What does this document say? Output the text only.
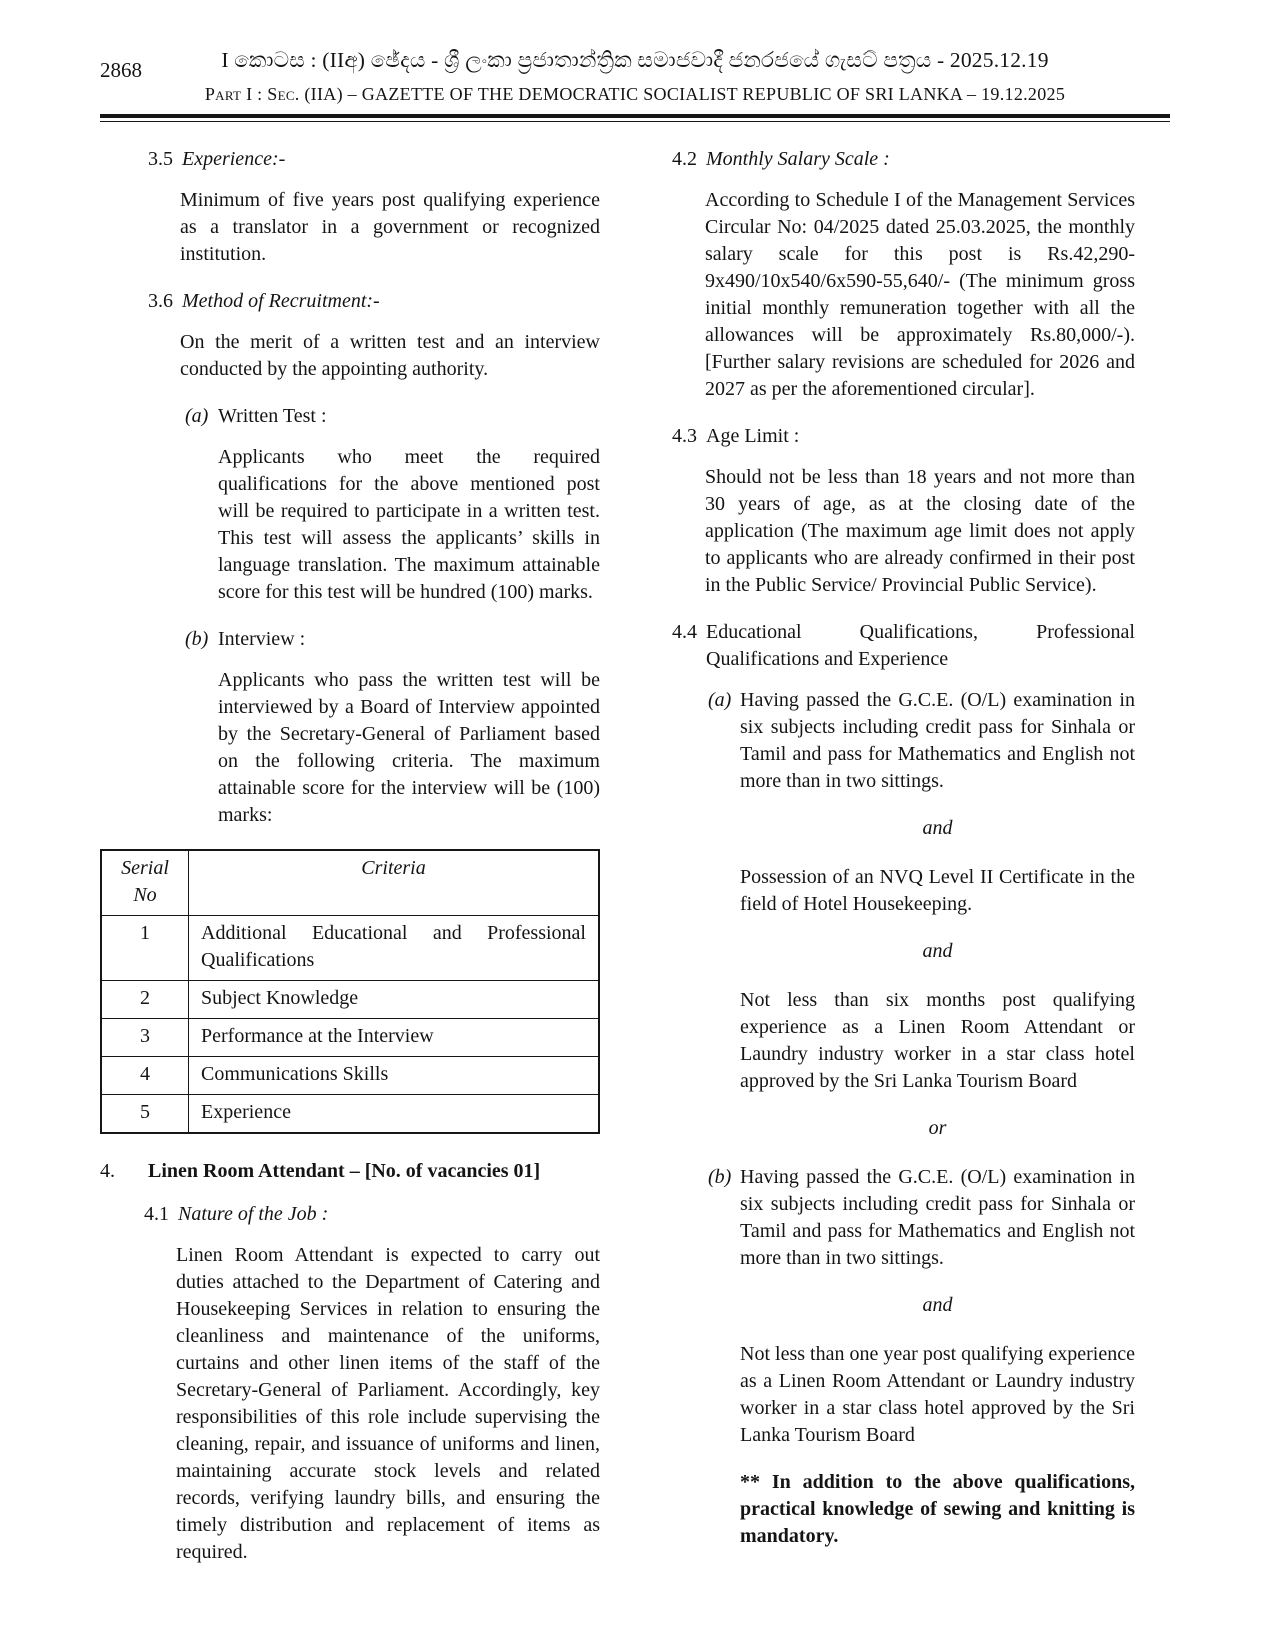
2868	I කොටස : (IIඅ) ඡේදය - ශ්‍රී ලංකා ප්‍රජාතාන්ත්‍රික සමාජවාදී ජනරජයේ ගැසට් පත්‍රය - 2025.12.19
Part I : Sec. (IIA) – GAZETTE OF THE DEMOCRATIC SOCIALIST REPUBLIC OF SRI LANKA – 19.12.2025
3.5 Experience:-

Minimum of five years post qualifying experience as a translator in a government or recognized institution.

3.6 Method of Recruitment:-

On the merit of a written test and an interview conducted by the appointing authority.

(a) Written Test :

Applicants who meet the required qualifications for the above mentioned post will be required to participate in a written test. This test will assess the applicants’ skills in language translation. The maximum attainable score for this test will be hundred (100) marks.

(b) Interview :

Applicants who pass the written test will be interviewed by a Board of Interview appointed by the Secretary-General of Parliament based on the following criteria. The maximum attainable score for the interview will be (100) marks:

Serial No	Criteria
1	Additional Educational and Professional Qualifications
2	Subject Knowledge
3	Performance at the Interview
4	Communications Skills
5	Experience
4.	Linen Room Attendant – [No. of vacancies 01]
4.1 Nature of the Job :

Linen Room Attendant is expected to carry out duties attached to the Department of Catering and Housekeeping Services in relation to ensuring the cleanliness and maintenance of the uniforms, curtains and other linen items of the staff of the Secretary-General of Parliament. Accordingly, key responsibilities of this role include supervising the cleaning, repair, and issuance of uniforms and linen, maintaining accurate stock levels and related records, verifying laundry bills, and ensuring the timely distribution and replacement of items as required.

4.2 Monthly Salary Scale :

According to Schedule I of the Management Services Circular No: 04/2025 dated 25.03.2025, the monthly salary scale for this post is Rs.42,290-9x490/10x540/6x590-55,640/- (The minimum gross initial monthly remuneration together with all the allowances will be approximately Rs.80,000/-). [Further salary revisions are scheduled for 2026 and 2027 as per the aforementioned circular].

4.3 Age Limit :

Should not be less than 18 years and not more than 30 years of age, as at the closing date of the application (The maximum age limit does not apply to applicants who are already confirmed in their post in the Public Service/ Provincial Public Service).

4.4 Educational Qualifications, Professional Qualifications and Experience
(a) Having passed the G.C.E. (O/L) examination in six subjects including credit pass for Sinhala or Tamil and pass for Mathematics and English not more than in two sittings.
and

Possession of an NVQ Level II Certificate in the field of Hotel Housekeeping.

and

Not less than six months post qualifying experience as a Linen Room Attendant or Laundry industry worker in a star class hotel approved by the Sri Lanka Tourism Board

or
(b) Having passed the G.C.E. (O/L) examination in six subjects including credit pass for Sinhala or Tamil and pass for Mathematics and English not more than in two sittings.
and

Not less than one year post qualifying experience as a Linen Room Attendant or Laundry industry worker in a star class hotel approved by the Sri Lanka Tourism Board

** In addition to the above qualifications, practical knowledge of sewing and knitting is mandatory.
